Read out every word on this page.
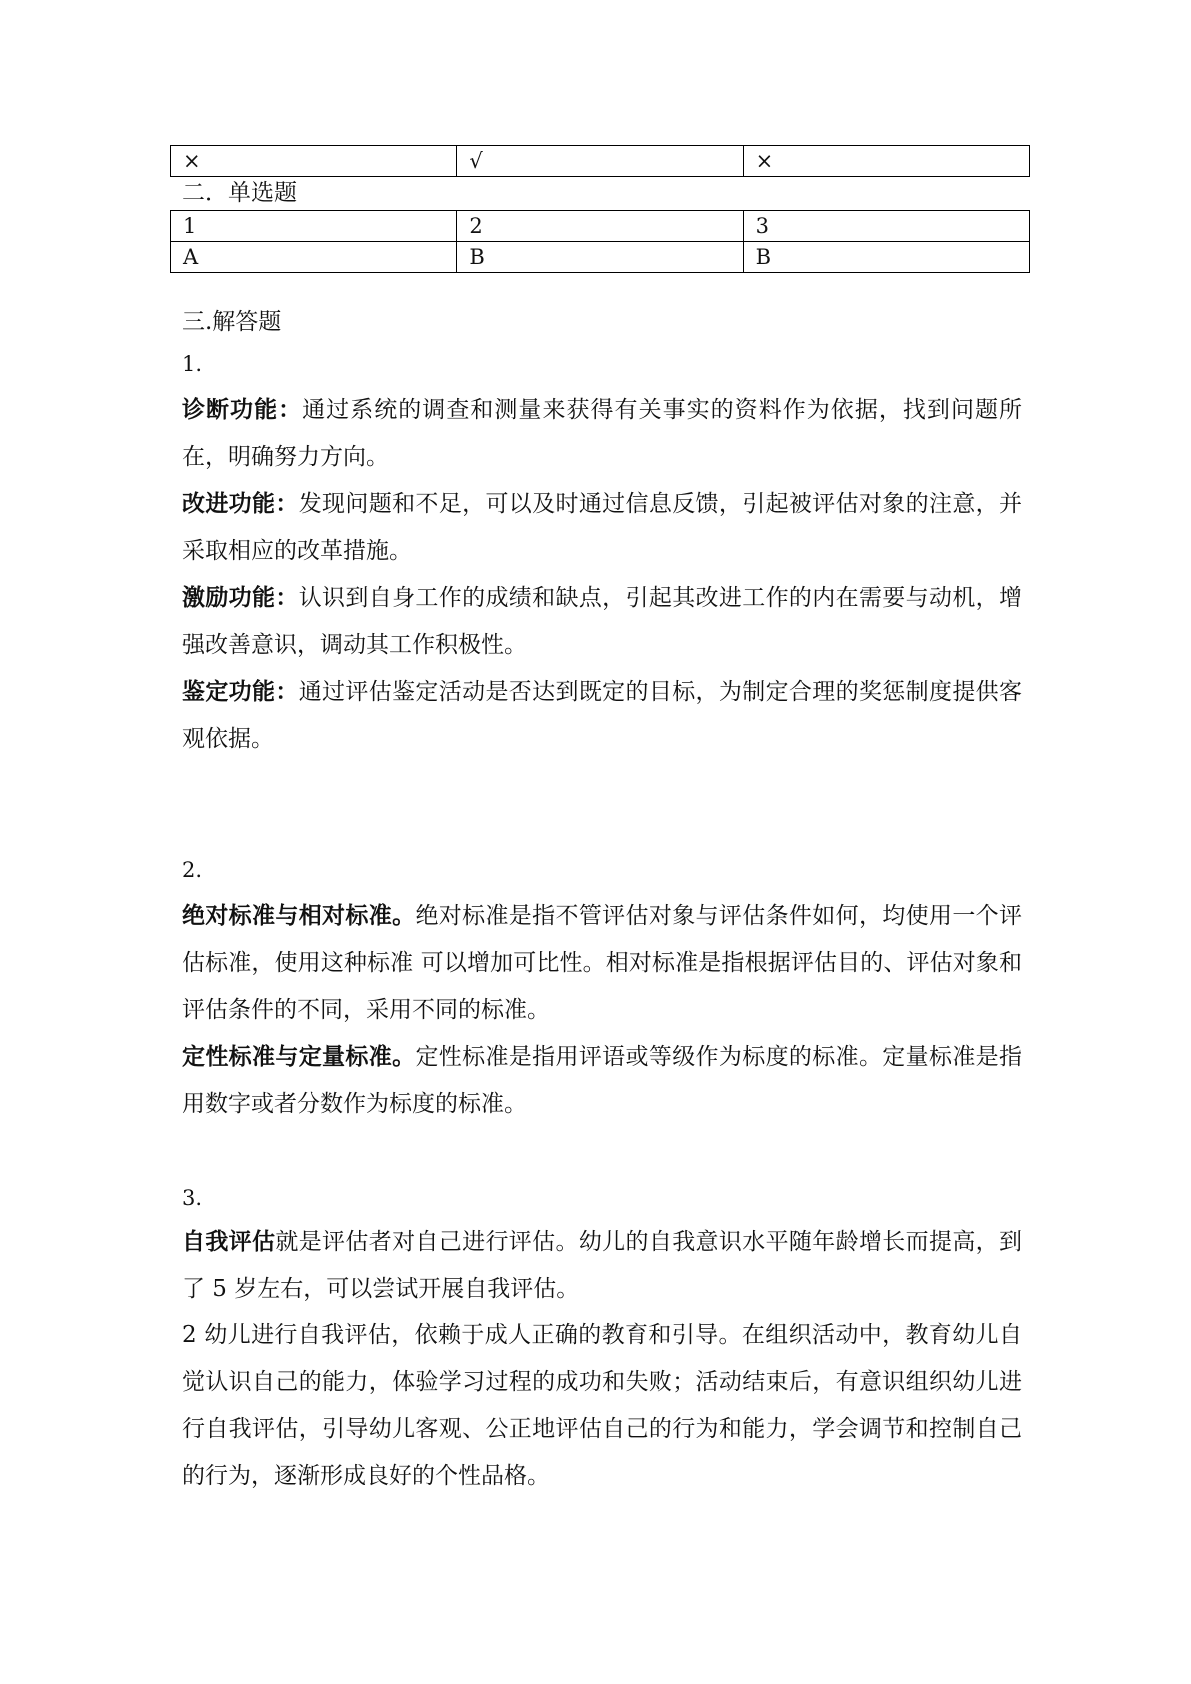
×	√	×
二．单选题
1	2	3
A	B	B
三.解答题
1.
诊断功能：通过系统的调查和测量来获得有关事实的资料作为依据，找到问题所在，明确努力方向。
改进功能：发现问题和不足，可以及时通过信息反馈，引起被评估对象的注意，并采取相应的改革措施。
激励功能：认识到自身工作的成绩和缺点，引起其改进工作的内在需要与动机，增强改善意识，调动其工作积极性。
鉴定功能：通过评估鉴定活动是否达到既定的目标，为制定合理的奖惩制度提供客观依据。
2.
绝对标准与相对标准。绝对标准是指不管评估对象与评估条件如何，均使用一个评估标准，使用这种标准 可以增加可比性。相对标准是指根据评估目的、评估对象和评估条件的不同，采用不同的标准。
定性标准与定量标准。定性标准是指用评语或等级作为标度的标准。定量标准是指用数字或者分数作为标度的标准。
3.
自我评估就是评估者对自己进行评估。幼儿的自我意识水平随年龄增长而提高，到了 5 岁左右，可以尝试开展自我评估。
2 幼儿进行自我评估，依赖于成人正确的教育和引导。在组织活动中，教育幼儿自觉认识自己的能力，体验学习过程的成功和失败；活动结束后，有意识组织幼儿进行自我评估，引导幼儿客观、公正地评估自己的行为和能力，学会调节和控制自己的行为，逐渐形成良好的个性品格。
